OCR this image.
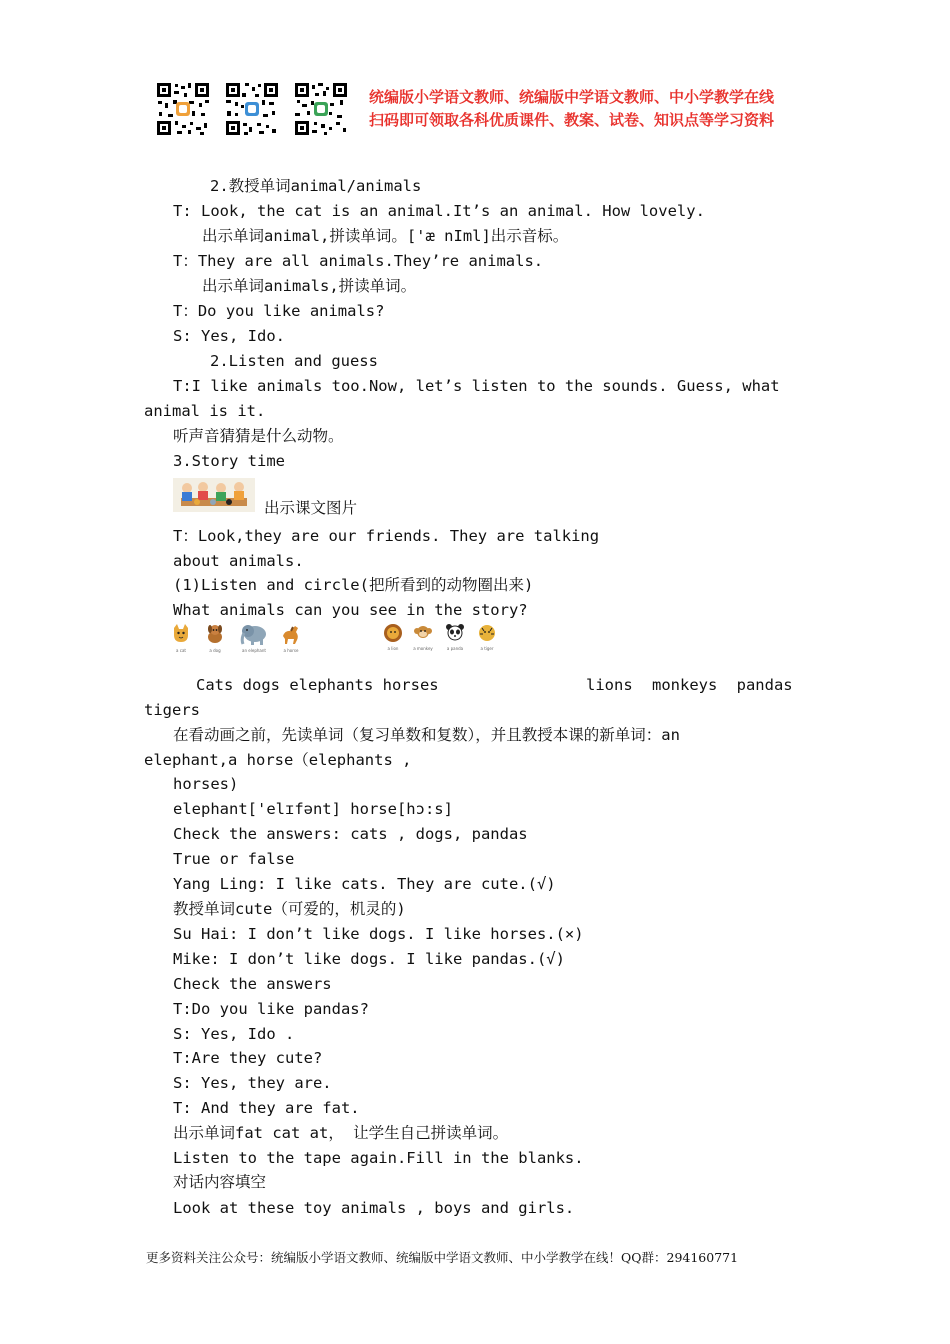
统编版小学语文教师、统编版中学语文教师、中小学教学在线
扫码即可领取各科优质课件、教案、试卷、知识点等学习资料
2.教授单词animal/animals
T: Look, the cat is an animal.It’s an animal. How lovely.
出示单词animal,拼读单词。['æ nIml]出示音标。
T：They are all animals.They’re animals.
出示单词animals,拼读单词。
T：Do you like animals?
S: Yes, Ido.
2.Listen and guess
T:I like animals too.Now, let’s listen to the sounds. Guess, what
animal is it.
听声音猜猜是什么动物。
3.Story time
出示课文图片
T：Look,they are our friends. They are talking
about animals.
(1)Listen and circle(把所看到的动物圈出来)
What animals can you see in the story?
a cat	a dog	an elephant	a horse	a lion	a monkey	a panda	a tiger
Cats dogs elephants horses	lions monkeys pandas
tigers
在看动画之前，先读单词（复习单数和复数），并且教授本课的新单词：an
elephant,a horse（elephants ,
horses)
elephant['elɪfənt] horse[hɔ:s]
Check the answers: cats , dogs, pandas
True or false
Yang Ling: I like cats. They are cute.(√)
教授单词cute（可爱的，机灵的)
Su Hai: I don’t like dogs. I like horses.(×)
Mike: I don’t like dogs. I like pandas.(√)
Check the answers
T:Do you like pandas?
S: Yes, Ido .
T:Are they cute?
S: Yes, they are.
T: And they are fat.
出示单词fat cat at， 让学生自己拼读单词。
Listen to the tape again.Fill in the blanks.
对话内容填空
Look at these toy animals , boys and girls.
更多资料关注公众号：统编版小学语文教师、统编版中学语文教师、中小学教学在线！QQ群：294160771
